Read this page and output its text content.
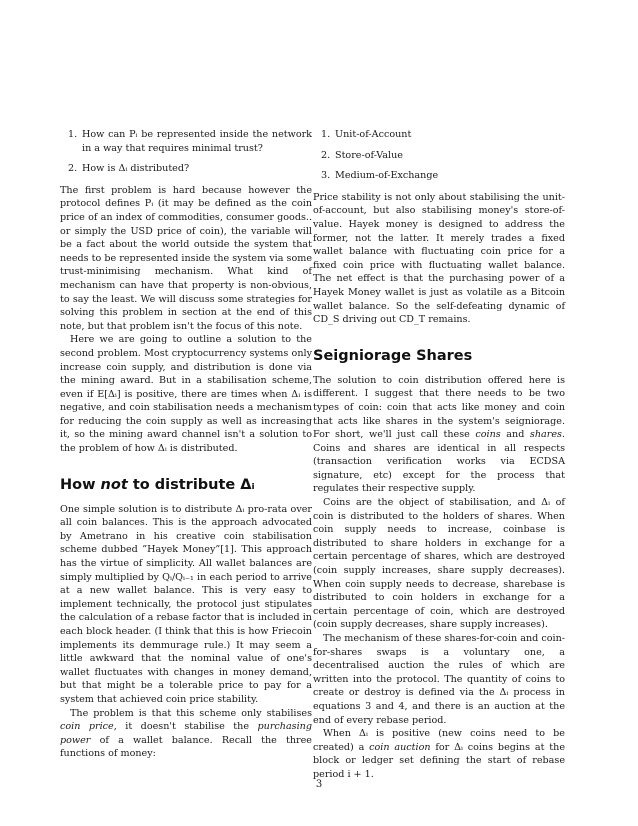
1. How can Pᵢ be represented inside the network in a way that requires minimal trust?
2. How is Δᵢ distributed?

The first problem is hard because however the protocol defines Pᵢ (it may be defined as the coin price of an index of commodities, consumer goods.. or simply the USD price of coin), the variable will be a fact about the world outside the system that needs to be represented inside the system via some trust-minimising mechanism. What kind of mechanism can have that property is non-obvious, to say the least. We will discuss some strategies for solving this problem in section at the end of this note, but that problem isn't the focus of this note.

Here we are going to outline a solution to the second problem. Most cryptocurrency systems only increase coin supply, and distribution is done via the mining award. But in a stabilisation scheme, even if E[Δᵢ] is positive, there are times when Δᵢ is negative, and coin stabilisation needs a mechanism for reducing the coin supply as well as increasing it, so the mining award channel isn't a solution to the problem of how Δᵢ is distributed.

How not to distribute Δᵢ

One simple solution is to distribute Δᵢ pro-rata over all coin balances. This is the approach advocated by Ametrano in his creative coin stabilisation scheme dubbed ”Hayek Money”[1]. This approach has the virtue of simplicity. All wallet balances are simply multiplied by Qᵢ/Qᵢ₋₁ in each period to arrive at a new wallet balance. This is very easy to implement technically, the protocol just stipulates the calculation of a rebase factor that is included in each block header. (I think that this is how Friecoin implements its demmurage rule.) It may seem a little awkward that the nominal value of one's wallet fluctuates with changes in money demand, but that might be a tolerable price to pay for a system that achieved coin price stability.

The problem is that this scheme only stabilises coin price, it doesn't stabilise the purchasing power of a wallet balance. Recall the three functions of money:

1. Unit-of-Account
2. Store-of-Value
3. Medium-of-Exchange

Price stability is not only about stabilising the unit-of-account, but also stabilising money's store-of-value. Hayek money is designed to address the former, not the latter. It merely trades a fixed wallet balance with fluctuating coin price for a fixed coin price with fluctuating wallet balance. The net effect is that the purchasing power of a Hayek Money wallet is just as volatile as a Bitcoin wallet balance. So the self-defeating dynamic of CD_S driving out CD_T remains.

Seigniorage Shares

The solution to coin distribution offered here is different. I suggest that there needs to be two types of coin: coin that acts like money and coin that acts like shares in the system's seigniorage. For short, we'll just call these coins and shares. Coins and shares are identical in all respects (transaction verification works via ECDSA signature, etc) except for the process that regulates their respective supply.

Coins are the object of stabilisation, and Δᵢ of coin is distributed to the holders of shares. When coin supply needs to increase, coinbase is distributed to share holders in exchange for a certain percentage of shares, which are destroyed (coin supply increases, share supply decreases). When coin supply needs to decrease, sharebase is distributed to coin holders in exchange for a certain percentage of coin, which are destroyed (coin supply decreases, share supply increases).

The mechanism of these shares-for-coin and coin-for-shares swaps is a voluntary one, a decentralised auction the rules of which are written into the protocol. The quantity of coins to create or destroy is defined via the Δᵢ process in equations 3 and 4, and there is an auction at the end of every rebase period.

When Δᵢ is positive (new coins need to be created) a coin auction for Δᵢ coins begins at the block or ledger set defining the start of rebase period i + 1.

3
